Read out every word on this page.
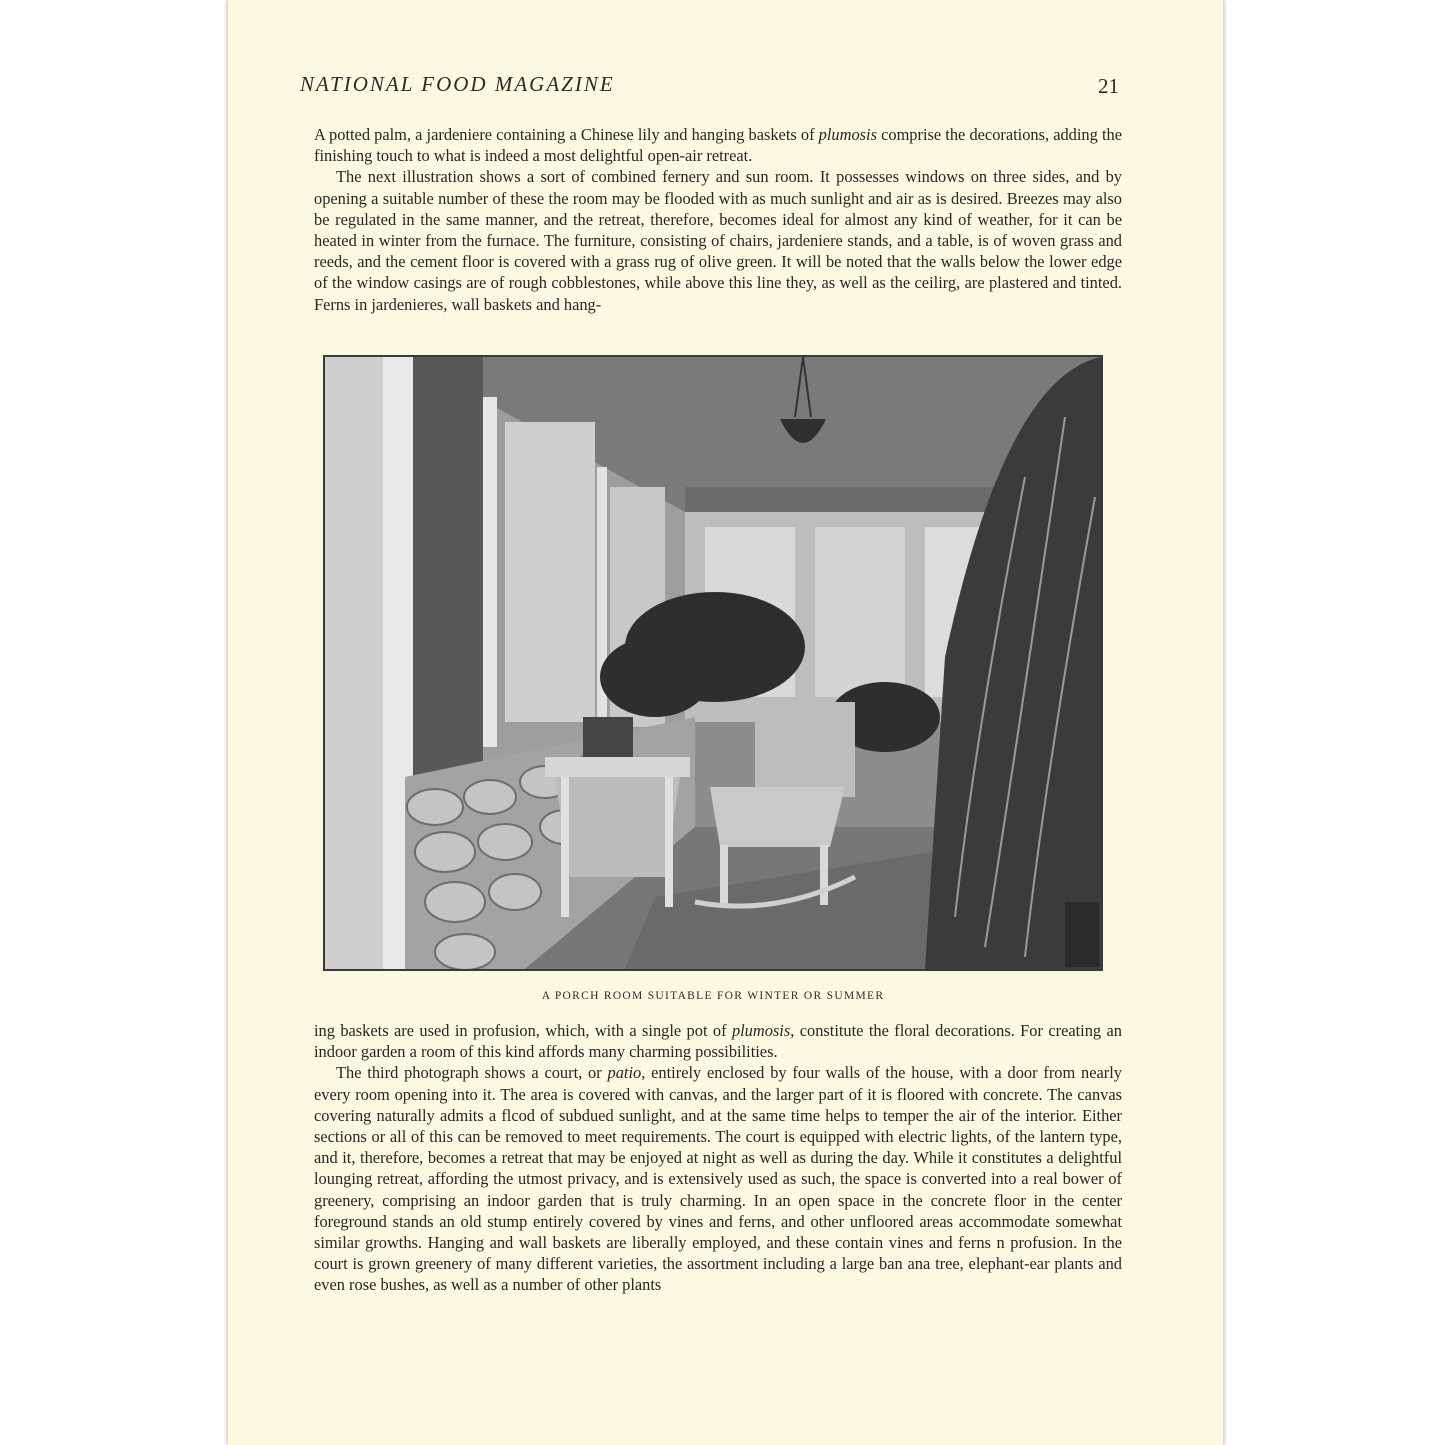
NATIONAL FOOD MAGAZINE	21

A potted palm, a jardeniere containing a Chinese lily and hanging baskets of plumosis comprise the decorations, adding the finishing touch to what is indeed a most delightful open-air retreat.

The next illustration shows a sort of combined fernery and sun room. It possesses windows on three sides, and by opening a suitable number of these the room may be flooded with as much sunlight and air as is desired. Breezes may also be regulated in the same manner, and the retreat, therefore, becomes ideal for almost any kind of weather, for it can be heated in winter from the furnace. The furniture, consisting of chairs, jardeniere stands, and a table, is of woven grass and reeds, and the cement floor is covered with a grass rug of olive green. It will be noted that the walls below the lower edge of the window casings are of rough cobblestones, while above this line they, as well as the ceilirg, are plastered and tinted. Ferns in jardenieres, wall baskets and hang-

A PORCH ROOM SUITABLE FOR WINTER OR SUMMER

ing baskets are used in profusion, which, with a single pot of plumosis, constitute the floral decorations. For creating an indoor garden a room of this kind affords many charming possibilities.

The third photograph shows a court, or patio, entirely enclosed by four walls of the house, with a door from nearly every room opening into it. The area is covered with canvas, and the larger part of it is floored with concrete. The canvas covering naturally admits a flcod of subdued sunlight, and at the same time helps to temper the air of the interior. Either sections or all of this can be removed to meet requirements. The court is equipped with electric lights, of the lantern type, and it, therefore, becomes a retreat that may be enjoyed at night as well as during the day. While it constitutes a delightful lounging retreat, affording the utmost privacy, and is extensively used as such, the space is converted into a real bower of greenery, comprising an indoor garden that is truly charming. In an open space in the concrete floor in the center foreground stands an old stump entirely covered by vines and ferns, and other unfloored areas accommodate somewhat similar growths. Hanging and wall baskets are liberally employed, and these contain vines and ferns n profusion. In the court is grown greenery of many different varieties, the assortment including a large ban ana tree, elephant-ear plants and even rose bushes, as well as a number of other plants
